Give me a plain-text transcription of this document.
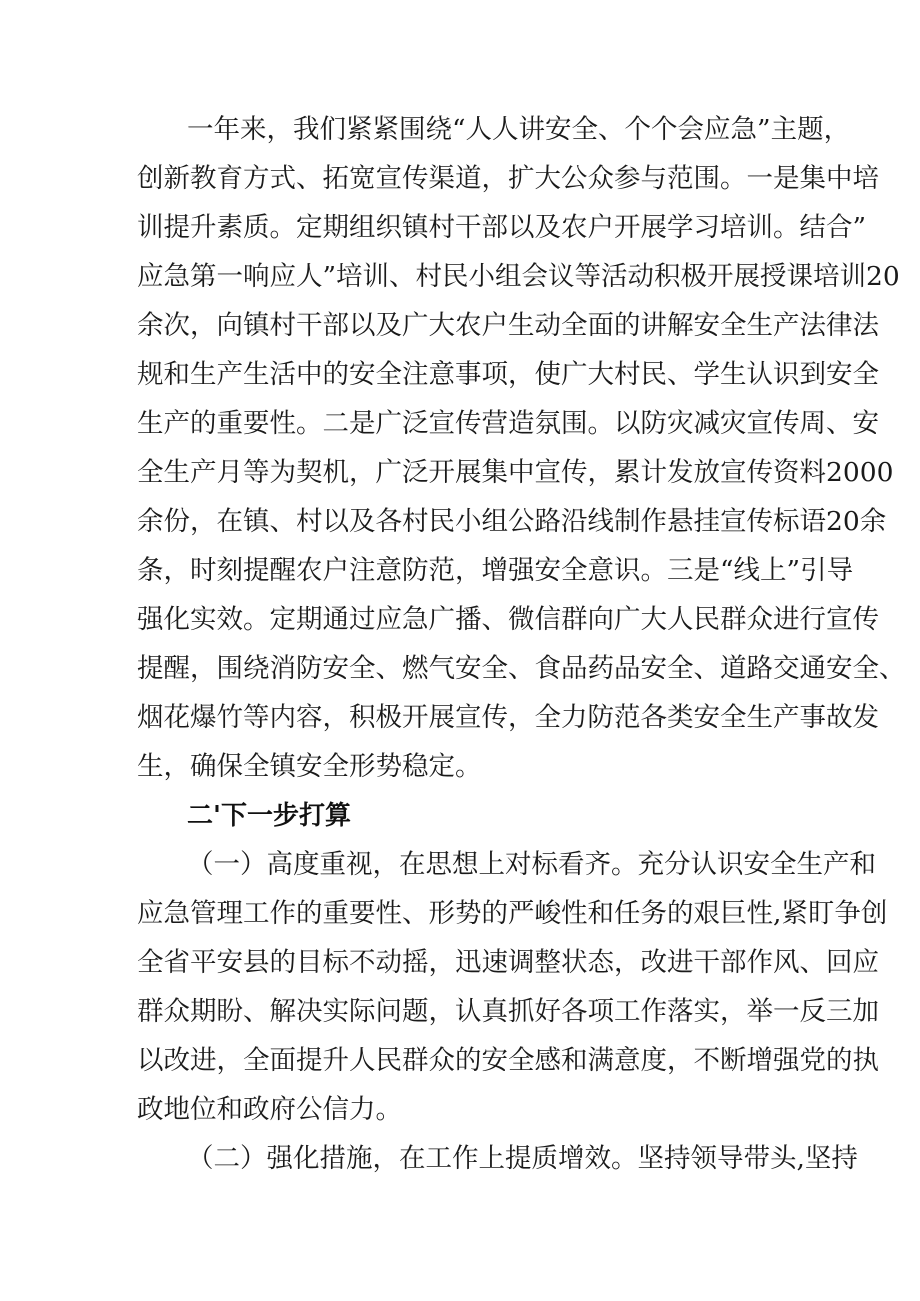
一年来，我们紧紧围绕“人人讲安全、个个会应急”主题，
创新教育方式、拓宽宣传渠道，扩大公众参与范围。一是集中培
训提升素质。定期组织镇村干部以及农户开展学习培训。结合”
应急第一响应人”培训、村民小组会议等活动积极开展授课培训20
余次，向镇村干部以及广大农户生动全面的讲解安全生产法律法
规和生产生活中的安全注意事项，使广大村民、学生认识到安全
生产的重要性。二是广泛宣传营造氛围。以防灾减灾宣传周、安
全生产月等为契机，广泛开展集中宣传，累计发放宣传资料2000
余份，在镇、村以及各村民小组公路沿线制作悬挂宣传标语20余
条，时刻提醒农户注意防范，增强安全意识。三是“线上”引导
强化实效。定期通过应急广播、微信群向广大人民群众进行宣传
提醒，围绕消防安全、燃气安全、食品药品安全、道路交通安全、
烟花爆竹等内容，积极开展宣传，全力防范各类安全生产事故发
生，确保全镇安全形势稳定。
二'下一步打算
（一）高度重视，在思想上对标看齐。充分认识安全生产和
应急管理工作的重要性、形势的严峻性和任务的艰巨性,紧盯争创
全省平安县的目标不动摇，迅速调整状态，改进干部作风、回应
群众期盼、解决实际问题，认真抓好各项工作落实，举一反三加
以改进，全面提升人民群众的安全感和满意度，不断增强党的执
政地位和政府公信力。
（二）强化措施，在工作上提质增效。坚持领导带头,坚持
